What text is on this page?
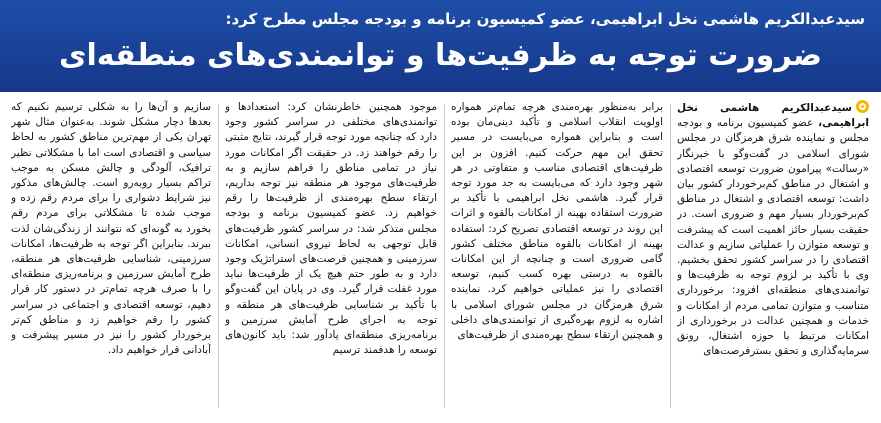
سیدعبدالکریم هاشمی نخل ابراهیمی، عضو کمیسیون برنامه و بودجه مجلس مطرح کرد:
ضرورت توجه به ظرفیت‌ها و توانمندی‌های منطقه‌ای
سیدعبدالکریم هاشمی نخل ابراهیمی، عضو کمیسیون برنامه و بودجه مجلس و نماینده شرق هرمزگان در مجلس شورای اسلامی در گفت‌وگو با خبرنگار «رسالت» پیرامون ضرورت توسعه اقتصادی و اشتغال در مناطق کم‌برخوردار کشور بیان داشت: توسعه اقتصادی و اشتغال در مناطق کم‌برخوردار بسیار مهم و ضروری است. در حقیقت بسیار حائز اهمیت است که پیشرفت و توسعه متوازن را عملیاتی سازیم و عدالت اقتصادی را در سراسر کشور تحقق بخشیم. وی با تأکید بر لزوم توجه به ظرفیت‌ها و توانمندی‌های منطقه‌ای افزود: برخورداری متناسب و متوازن تمامی مردم از امکانات و خدمات و همچنین عدالت در برخورداری از امکانات مرتبط با حوزه اشتغال، رونق سرمایه‌گذاری و تحقق بسترفرصت‌های
برابر به‌منظور بهره‌مندی هرچه تمام‌تر همواره اولویت انقلاب اسلامی و تأکید دینی‌مان بوده است و بنابراین همواره می‌بایست در مسیر تحقق این مهم حرکت کنیم. افزون بر این ظرفیت‌های اقتصادی مناسب و متفاوتی در هر شهر وجود دارد که می‌بایست به جد مورد توجه قرار گیرد. هاشمی نخل ابراهیمی با تأکید بر ضرورت استفاده بهینه از امکانات بالقوه و اثرات این روند در توسعه اقتصادی تصریح کرد: استفاده بهینه از امکانات بالقوه مناطق مختلف کشور گامی ضروری است و چنانچه از این امکانات بالقوه به درستی بهره کسب کنیم، توسعه اقتصادی را نیز عملیاتی خواهیم کرد. نماینده شرق هرمزگان در مجلس شورای اسلامی با اشاره به لزوم بهره‌گیری از توانمندی‌های داخلی و همچنین ارتقاء سطح بهره‌مندی از ظرفیت‌های
موجود همچنین خاطرنشان کرد: استعدادها و توانمندی‌های مختلفی در سراسر کشور وجود دارد که چنانچه مورد توجه قرار گیرند، نتایج مثبتی را رقم خواهند زد. در حقیقت اگر امکانات مورد نیاز در تمامی مناطق را فراهم سازیم و به ظرفیت‌های موجود هر منطقه نیز توجه بداریم، ارتقاء سطح بهره‌مندی از ظرفیت‌ها را رقم خواهیم زد. عضو کمیسیون برنامه و بودجه مجلس متذکر شد: در سراسر کشور ظرفیت‌های قابل توجهی به لحاظ نیروی انسانی، امکانات سرزمینی و همچنین فرصت‌های استراتژیک وجود دارد و به طور حتم هیچ یک از ظرفیت‌ها نباید مورد غفلت قرار گیرد. وی در پایان این گفت‌وگو با تأکید بر شناسایی ظرفیت‌های هر منطقه و توجه به اجرای طرح آمایش سرزمین و برنامه‌ریزی منطقه‌ای یادآور شد: باید کانون‌های توسعه را هدفمند ترسیم
سازیم و آن‌ها را به شکلی ترسیم نکنیم که بعدها دچار مشکل شوند. به‌عنوان مثال شهر تهران یکی از مهم‌ترین مناطق کشور به لحاظ سیاسی و اقتصادی است اما با مشکلاتی نظیر ترافیک، آلودگی و چالش مسکن به موجب تراکم بسیار روبه‌رو است. چالش‌های مذکور نیز شرایط دشواری را برای مردم رقم زده و موجب شده تا مشکلاتی برای مردم رقم بخورد به گونه‌ای که نتوانند از زندگی‌شان لذت ببرند. بنابراین اگر توجه به ظرفیت‌ها، امکانات سرزمینی، شناسایی ظرفیت‌های هر منطقه، طرح آمایش سرزمین و برنامه‌ریزی منطقه‌ای را با صرف هرچه تمام‌تر در دستور کار قرار دهیم، توسعه اقتصادی و اجتماعی در سراسر کشور را رقم خواهیم زد و مناطق کم‌تر برخوردار کشور را نیز در مسیر پیشرفت و آبادانی قرار خواهیم داد.
